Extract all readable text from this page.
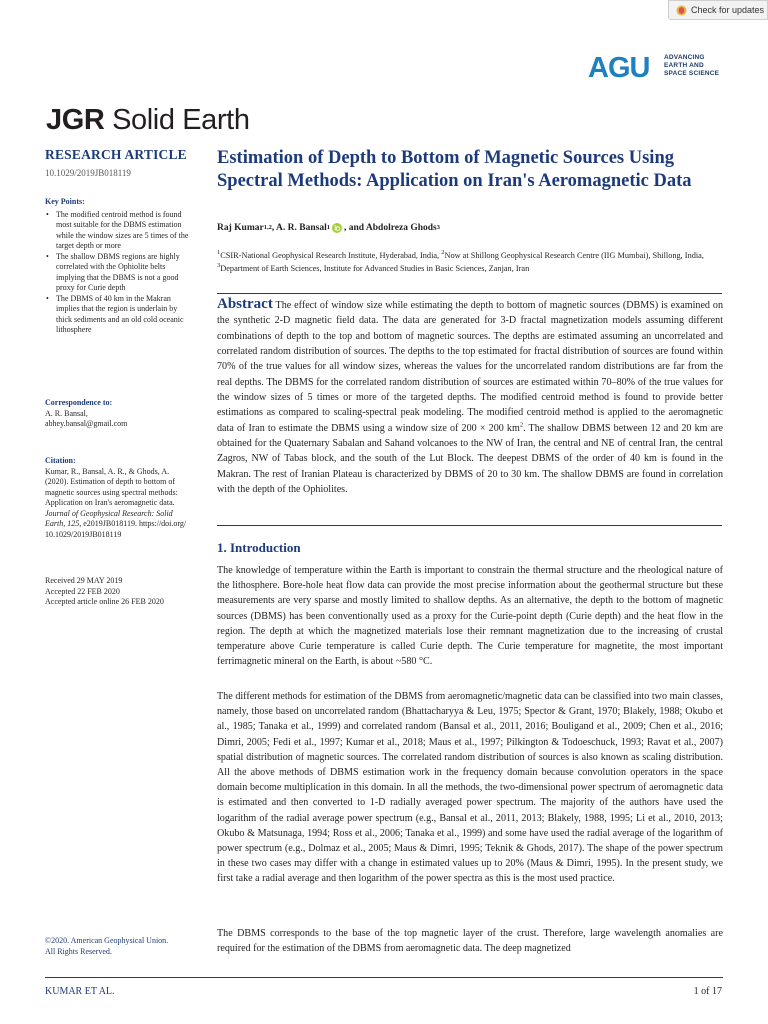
Check for updates
AGU ADVANCING
EARTH AND
SPACE SCIENCE
JGR Solid Earth
RESEARCH ARTICLE
10.1029/2019JB018119
Key Points:
• The modified centroid method is found most suitable for the DBMS estimation while the window sizes are 5 times of the target depth or more
• The shallow DBMS regions are highly correlated with the Ophiolite belts implying that the DBMS is not a good proxy for Curie depth
• The DBMS of 40 km in the Makran implies that the region is underlain by thick sediments and an old cold oceanic lithosphere
Correspondence to:
A. R. Bansal,
abhey.bansal@gmail.com
Citation:
Kumar, R., Bansal, A. R., & Ghods, A. (2020). Estimation of depth to bottom of magnetic sources using spectral methods: Application on Iran's aeromagnetic data. Journal of Geophysical Research: Solid Earth, 125, e2019JB018119. https://doi.org/ 10.1029/2019JB018119
Received 29 MAY 2019
Accepted 22 FEB 2020
Accepted article online 26 FEB 2020
©2020. American Geophysical Union.
All Rights Reserved.
Estimation of Depth to Bottom of Magnetic Sources Using Spectral Methods: Application on Iran's Aeromagnetic Data
Raj Kumar 1,2 , A. R. Bansal 1 , and Abdolreza Ghods 3
$^1$CSIR-National Geophysical Research Institute, Hyderabad, India, $^2$Now at Shillong Geophysical Research Centre (IIG Mumbai), Shillong, India, $^3$Department of Earth Sciences, Institute for Advanced Studies in Basic Sciences, Zanjan, Iran
Abstract The effect of window size while estimating the depth to bottom of magnetic sources (DBMS) is examined on the synthetic 2-D magnetic field data. The data are generated for 3-D fractal magnetization models assuming different combinations of depth to the top and bottom of magnetic sources. The depths are estimated assuming an uncorrelated and correlated random distribution of sources. The depths to the top estimated for fractal distribution of sources are found within 70% of the true values for all window sizes, whereas the values for the uncorrelated random distributions are far from the real depths. The DBMS for the correlated random distribution of sources are estimated within 70–80% of the true values for the window sizes of 5 times or more of the targeted depths. The modified centroid method is found to provide better estimations as compared to scaling-spectral peak modeling. The modified centroid method is applied to the aeromagnetic data of Iran to estimate the DBMS using a window size of 200 × 200 $km^2$. The shallow DBMS between 12 and 20 km are obtained for the Quaternary Sabalan and Sahand volcanoes to the NW of Iran, the central and NE of central Iran, the central Zagros, NW of Tabas block, and the south of the Lut Block. The deepest DBMS of the order of 40 km is found in the Makran. The rest of Iranian Plateau is characterized by DBMS of 20 to 30 km. The shallow DBMS are found in correlation with the depth of the Ophiolites.
1. Introduction
The knowledge of temperature within the Earth is important to constrain the thermal structure and the rheological nature of the lithosphere. Bore-hole heat flow data can provide the most precise information about the geothermal structure but these measurements are very sparse and mostly limited to shallow depths. As an alternative, the depth to the bottom of magnetic sources (DBMS) has been conventionally used as a proxy for the Curie-point depth (Curie depth) and the heat flow in the region. The depth at which the magnetized materials lose their remnant magnetization due to the increasing of crustal temperature above Curie temperature is called Curie depth. The Curie temperature for magnetite, the most important ferrimagnetic mineral on the Earth, is about ~580 °C.
The different methods for estimation of the DBMS from aeromagnetic/magnetic data can be classified into two main classes, namely, those based on uncorrelated random (Bhattacharyya & Leu, 1975; Spector & Grant, 1970; Blakely, 1988; Okubo et al., 1985; Tanaka et al., 1999) and correlated random (Bansal et al., 2011, 2016; Bouligand et al., 2009; Chen et al., 2016; Dimri, 2005; Fedi et al., 1997; Kumar et al., 2018; Maus et al., 1997; Pilkington & Todoeschuck, 1993; Ravat et al., 2007) spatial distribution of magnetic sources. The correlated random distribution of sources is also known as scaling distribution. All the above methods of DBMS estimation work in the frequency domain because convolution operators in the space domain become multiplication in this domain. In all the methods, the two-dimensional power spectrum of aeromagnetic data is estimated and then converted to 1-D radially averaged power spectrum. The majority of the authors have used the logarithm of the radial average power spectrum (e.g., Bansal et al., 2011, 2013; Blakely, 1988, 1995; Li et al., 2010, 2013; Okubo & Matsunaga, 1994; Ross et al., 2006; Tanaka et al., 1999) and some have used the radial average of the logarithm of power spectrum (e.g., Dolmaz et al., 2005; Maus & Dimri, 1995; Teknik & Ghods, 2017). The shape of the power spectrum in these two cases may differ with a change in estimated values up to 20% (Maus & Dimri, 1995). In the present study, we first take a radial average and then logarithm of the power spectra as this is the most used practice.
The DBMS corresponds to the base of the top magnetic layer of the crust. Therefore, large wavelength anomalies are required for the estimation of the DBMS from aeromagnetic data. The deep magnetized
KUMAR ET AL.	1 of 17
